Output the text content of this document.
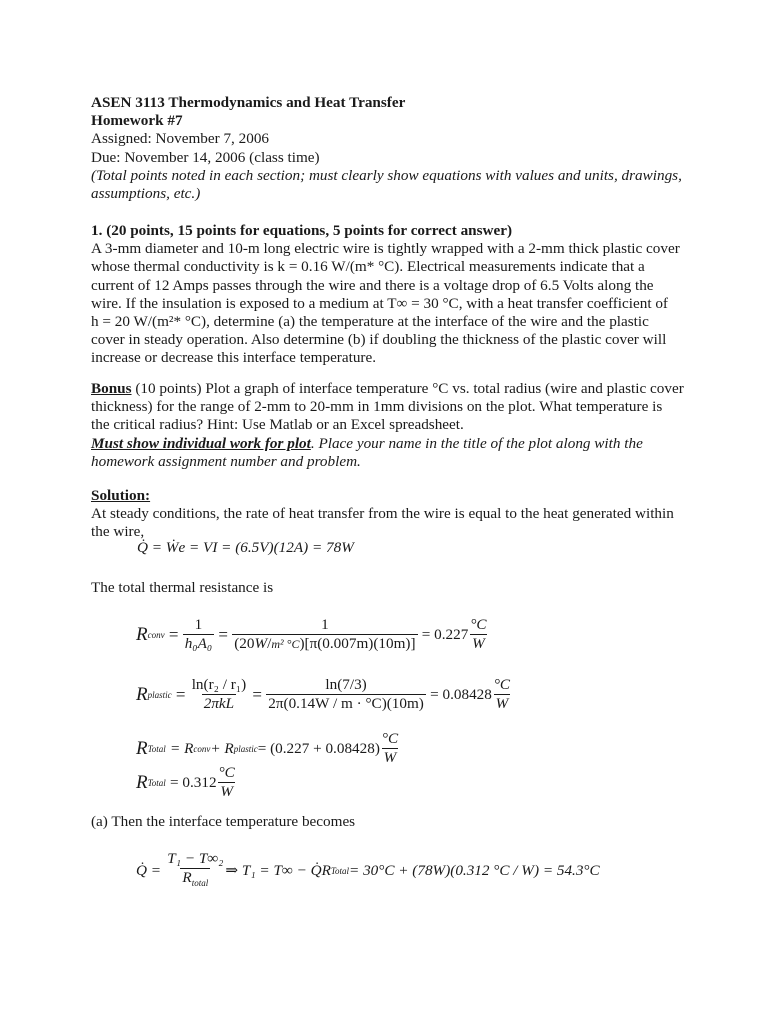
ASEN 3113 Thermodynamics and Heat Transfer
Homework #7
Assigned: November 7, 2006
Due: November 14, 2006 (class time)
(Total points noted in each section; must clearly show equations with values and units, drawings,
assumptions, etc.)
1. (20 points, 15 points for equations, 5 points for correct answer)
A 3-mm diameter and 10-m long electric wire is tightly wrapped with a 2-mm thick plastic cover
whose thermal conductivity is k = 0.16 W/(m* °C). Electrical measurements indicate that a
current of 12 Amps passes through the wire and there is a voltage drop of 6.5 Volts along the
wire. If the insulation is exposed to a medium at T∞ = 30 °C, with a heat transfer coefficient of
h = 20 W/(m²* °C), determine (a) the temperature at the interface of the wire and the plastic
cover in steady operation. Also determine (b) if doubling the thickness of the plastic cover will
increase or decrease this interface temperature.
Bonus (10 points) Plot a graph of interface temperature °C vs. total radius (wire and plastic cover
thickness) for the range of 2-mm to 20-mm in 1mm divisions on the plot. What temperature is
the critical radius? Hint: Use Matlab or an Excel spreadsheet.
Must show individual work for plot. Place your name in the title of the plot along with the
homework assignment number and problem.
Solution:
At steady conditions, the rate of heat transfer from the wire is equal to the heat generated within
the wire,
Q̇ = Ẇe = VI = (6.5V)(12A) = 78W
The total thermal resistance is
R conv = $\frac{1}{\text{h₀A₀}} = \frac{1}{\text{(20W/m² °C)[π(0.007m)(10m)]}}$
= $0.227 \frac{^\circ C}{W}$
R plastic = $\frac{\text{ln(r₂ / r₁)}}{\text{2πkL}} = \frac{\ln(7/3)}{2\pi(0.14W / m \cdot ^\circ C)(10m)}$
= $0.08428 \frac{^\circ C}{W}$
R Total
= R conv + R plastic = $(0.227 + 0.08428) \frac{^\circ C}{W}$
R Total
= $0.312 \frac{^\circ C}{W}$
(a) Then the interface temperature becomes
Q̇ =
$\frac{\text{T₁ − T∞₂}}{R_{total}}$ ⇒ T₁ = T∞ − Q̇R Total = 30°C + (78W)(0.312 °C / W) = 54.3°C
